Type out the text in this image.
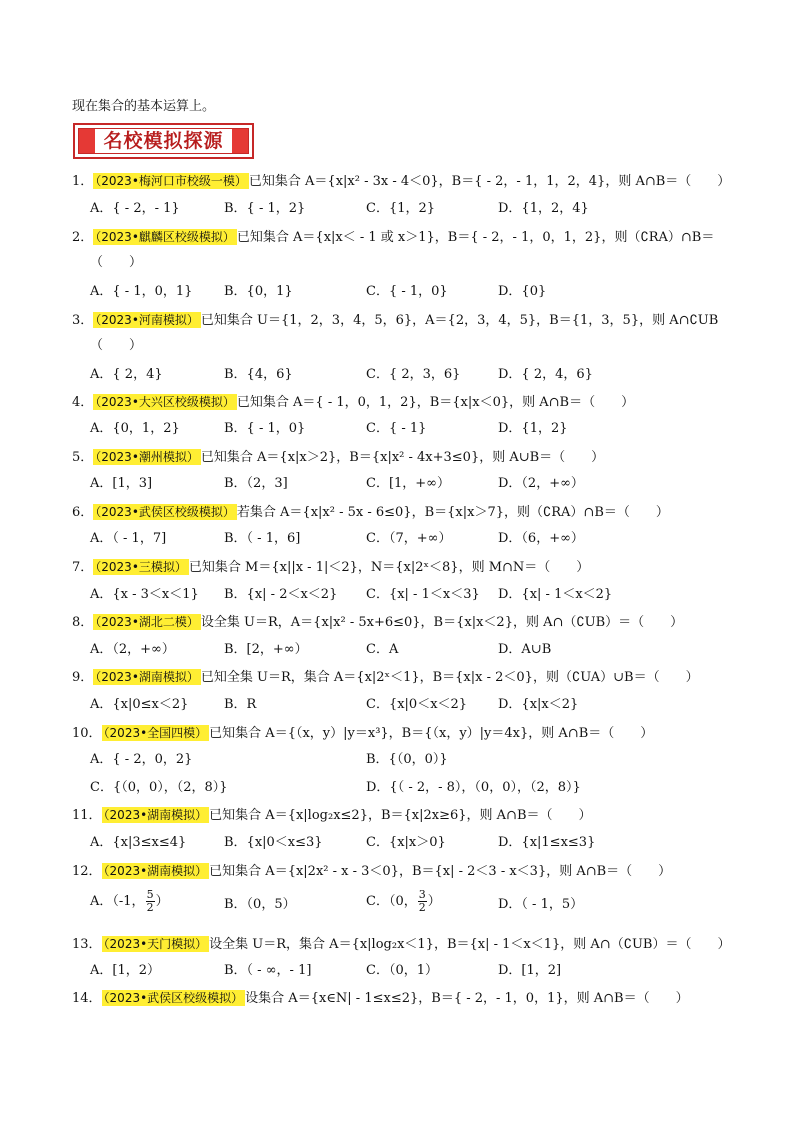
现在集合的基本运算上。
名校模拟探源
1． （2023•梅河口市校级一模） 已知集合 A＝{x|x² - 3x - 4＜0}，B＝{ - 2，- 1，1，2，4}，则 A∩B＝（　　）
A．{ - 2，- 1}	B．{ - 1，2}	C．{1，2}	D．{1，2，4}
2． （2023•麒麟区校级模拟） 已知集合 A＝{x|x＜ - 1 或 x＞1}，B＝{ - 2，- 1，0，1，2}，则（∁RA）∩B＝
（　　）
A．{ - 1，0，1} B．{0，1}	C．{ - 1，0}	D．{0}
3． （2023•河南模拟） 已知集合 U＝{1，2，3，4，5，6}，A＝{2，3，4，5}，B＝{1，3，5}，则 A∩∁UB
（　　）
A．{ 2，4}	B．{4，6}	C．{ 2，3，6}	D．{ 2，4，6}
4． （2023•大兴区校级模拟） 已知集合 A＝{ - 1，0，1，2}，B＝{x|x＜0}，则 A∩B＝（　　）
A．{0，1，2}	B．{ - 1，0}	C．{ - 1}	D．{1，2}
5． （2023•潮州模拟） 已知集合 A＝{x|x＞2}，B＝{x|x² - 4x+3≤0}，则 A∪B＝（　　）
A．[1，3]	B．（2，3]	C．[1，+∞）	D．（2，+∞）
6． （2023•武侯区校级模拟） 若集合 A＝{x|x² - 5x - 6≤0}，B＝{x|x＞7}，则（∁RA）∩B＝（　　）
A．（ - 1，7]	B．（ - 1，6]	C．（7，+∞）	D．（6，+∞）
7． （2023•三模拟） 已知集合 M＝{x||x - 1|＜2}，N＝{x|2ˣ＜8}，则 M∩N＝（　　）
A．{x - 3＜x＜1} B．{x| - 2＜x＜2} C．{x| - 1＜x＜3} D．{x| - 1＜x＜2}
8． （2023•湖北二模） 设全集 U＝R，A＝{x|x² - 5x+6≤0}，B＝{x|x＜2}，则 A∩（∁UB）＝（　　）
A．（2，+∞）	B．[2，+∞）	C．A	D．A∪B
9． （2023•湖南模拟） 已知全集 U＝R，集合 A＝{x|2ˣ＜1}，B＝{x|x - 2＜0}，则（∁UA）∪B＝（　　）
A．{x|0≤x＜2}	B．R	C．{x|0＜x＜2} D．{x|x＜2}
10． （2023•全国四模） 已知集合 A＝{（x，y）|y＝x³}，B＝{（x，y）|y＝4x}，则 A∩B＝（　　）
A．{ - 2，0，2}	B．{（0，0）}
C．{（0，0），（2，8）}	D．{（ - 2，- 8），（0，0），（2，8）}
11． （2023•湖南模拟） 已知集合 A＝{x|log₂x≤2}，B＝{x|2x≥6}，则 A∩B＝（　　）
A．{x|3≤x≤4}	B．{x|0＜x≤3}	C．{x|x＞0}	D．{x|1≤x≤3}
12． （2023•湖南模拟） 已知集合 A＝{x|2x² - x - 3＜0}，B＝{x| - 2＜3 - x＜3}，则 A∩B＝（　　）
A．（-1， $\frac{5}{2}$ ）	B．（0，5）	C．（0， $\frac{3}{2}$ ）	D．（ - 1，5）
13． （2023•天门模拟） 设全集 U＝R，集合 A＝{x|log₂x＜1}，B＝{x| - 1＜x＜1}，则 A∩（∁UB）＝（　　）
A．[1，2）	B．（ - ∞，- 1]	C．（0，1）	D．[1，2]
14． （2023•武侯区校级模拟） 设集合 A＝{x∈N| - 1≤x≤2}，B＝{ - 2，- 1，0，1}，则 A∩B＝（　　）
